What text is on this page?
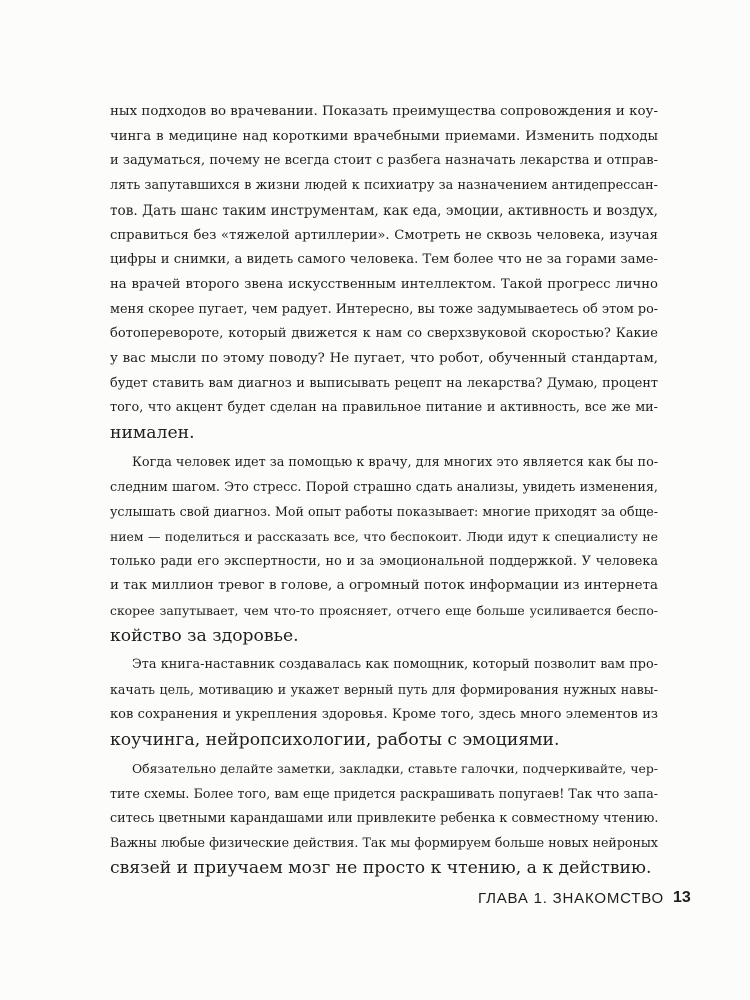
ных подходов во врачевании. Показать преимущества сопровождения и коу-
чинга в медицине над короткими врачебными приемами. Изменить подходы
и задуматься, почему не всегда стоит с разбега назначать лекарства и отправ-
лять запутавшихся в жизни людей к психиатру за назначением антидепрессан-
тов. Дать шанс таким инструментам, как еда, эмоции, активность и воздух,
справиться без «тяжелой артиллерии». Смотреть не сквозь человека, изучая
цифры и снимки, а видеть самого человека. Тем более что не за горами заме-
на врачей второго звена искусственным интеллектом. Такой прогресс лично
меня скорее пугает, чем радует. Интересно, вы тоже задумываетесь об этом ро-
ботоперевороте, который движется к нам со сверхзвуковой скоростью? Какие
у вас мысли по этому поводу? Не пугает, что робот, обученный стандартам,
будет ставить вам диагноз и выписывать рецепт на лекарства? Думаю, процент
того, что акцент будет сделан на правильное питание и активность, все же ми-
нимален.
Когда человек идет за помощью к врачу, для многих это является как бы по-
следним шагом. Это стресс. Порой страшно сдать анализы, увидеть изменения,
услышать свой диагноз. Мой опыт работы показывает: многие приходят за обще-
нием — поделиться и рассказать все, что беспокоит. Люди идут к специалисту не
только ради его экспертности, но и за эмоциональной поддержкой. У человека
и так миллион тревог в голове, а огромный поток информации из интернета
скорее запутывает, чем что-то проясняет, отчего еще больше усиливается беспо-
койство за здоровье.
Эта книга-наставник создавалась как помощник, который позволит вам про-
качать цель, мотивацию и укажет верный путь для формирования нужных навы-
ков сохранения и укрепления здоровья. Кроме того, здесь много элементов из
коучинга, нейропсихологии, работы с эмоциями.
Обязательно делайте заметки, закладки, ставьте галочки, подчеркивайте, чер-
тите схемы. Более того, вам еще придется раскрашивать попугаев! Так что запа-
ситесь цветными карандашами или привлеките ребенка к совместному чтению.
Важны любые физические действия. Так мы формируем больше новых нейроных
связей и приучаем мозг не просто к чтению, а к действию.
ГЛАВА 1. ЗНАКОМСТВО 13
